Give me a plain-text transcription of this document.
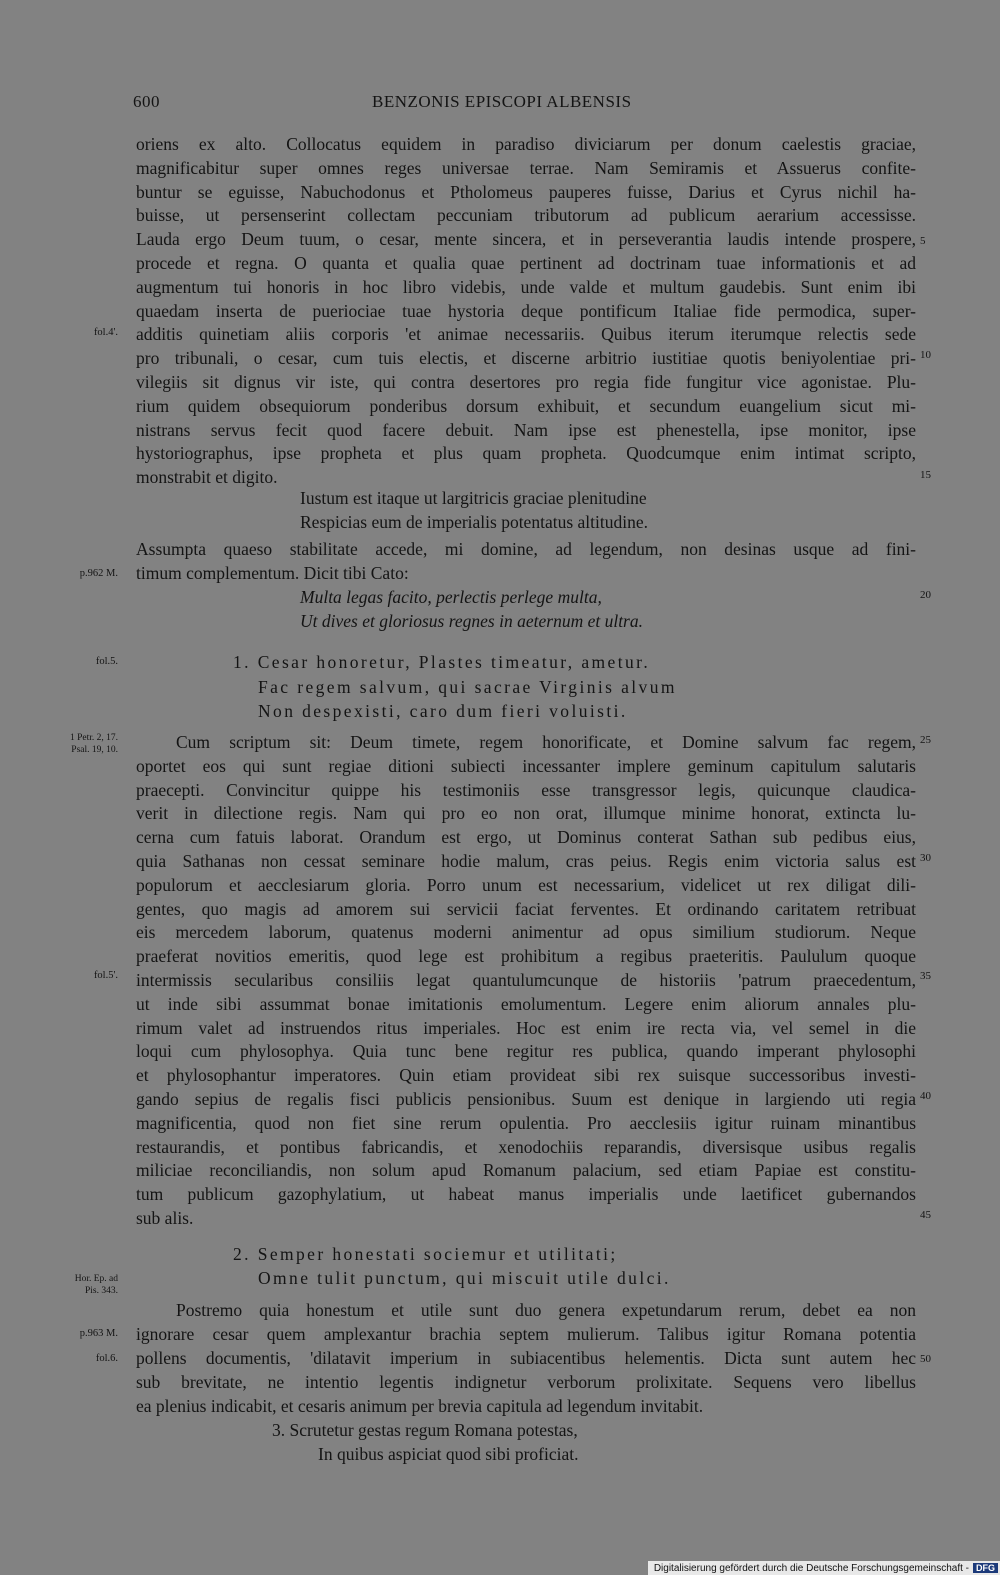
600	BENZONIS EPISCOPI ALBENSIS
oriens ex alto. Collocatus equidem in paradiso diviciarum per donum caelestis graciae,
magnificabitur super omnes reges universae terrae. Nam Semiramis et Assuerus confite-
buntur se eguisse, Nabuchodonus et Ptholomeus pauperes fuisse, Darius et Cyrus nichil ha-
buisse, ut persenserint collectam peccuniam tributorum ad publicum aerarium accessisse.
Lauda ergo Deum tuum, o cesar, mente sincera, et in perseverantia laudis intende prospere,
procede et regna. O quanta et qualia quae pertinent ad doctrinam tuae informationis et ad
augmentum tui honoris in hoc libro videbis, unde valde et multum gaudebis. Sunt enim ibi
quaedam inserta de pueriociae tuae hystoria deque pontificum Italiae fide permodica, super-
additis quinetiam aliis corporis 'et animae necessariis. Quibus iterum iterumque relectis sede
pro tribunali, o cesar, cum tuis electis, et discerne arbitrio iustitiae quotis beniyolentiae pri-
vilegiis sit dignus vir iste, qui contra desertores pro regia fide fungitur vice agonistae. Plu-
rium quidem obsequiorum ponderibus dorsum exhibuit, et secundum euangelium sicut mi-
nistrans servus fecit quod facere debuit. Nam ipse est phenestella, ipse monitor, ipse
hystoriographus, ipse propheta et plus quam propheta. Quodcumque enim intimat scripto,
monstrabit et digito.
Iustum est itaque ut largitricis graciae plenitudine
Respicias eum de imperialis potentatus altitudine.
Assumpta quaeso stabilitate accede, mi domine, ad legendum, non desinas usque ad fini-
timum complementum. Dicit tibi Cato:
Multa legas facito, perlectis perlege multa,
Ut dives et gloriosus regnes in aeternum et ultra.
1. Cesar honoretur, Plastes timeatur, ametur.
Fac regem salvum, qui sacrae Virginis alvum
Non despexisti, caro dum fieri voluisti.
Cum scriptum sit: Deum timete, regem honorificate, et Domine salvum fac regem,
oportet eos qui sunt regiae ditioni subiecti incessanter implere geminum capitulum salutaris
praecepti. Convincitur quippe his testimoniis esse transgressor legis, quicunque claudica-
verit in dilectione regis. Nam qui pro eo non orat, illumque minime honorat, extincta lu-
cerna cum fatuis laborat. Orandum est ergo, ut Dominus conterat Sathan sub pedibus eius,
quia Sathanas non cessat seminare hodie malum, cras peius. Regis enim victoria salus est
populorum et aecclesiarum gloria. Porro unum est necessarium, videlicet ut rex diligat dili-
gentes, quo magis ad amorem sui servicii faciat ferventes. Et ordinando caritatem retribuat
eis mercedem laborum, quatenus moderni animentur ad opus similium studiorum. Neque
praeferat novitios emeritis, quod lege est prohibitum a regibus praeteritis. Paululum quoque
intermissis secularibus consiliis legat quantulumcunque de historiis 'patrum praecedentum,
ut inde sibi assummat bonae imitationis emolumentum. Legere enim aliorum annales plu-
rimum valet ad instruendos ritus imperiales. Hoc est enim ire recta via, vel semel in die
loqui cum phylosophya. Quia tunc bene regitur res publica, quando imperant phylosophi
et phylosophantur imperatores. Quin etiam provideat sibi rex suisque successoribus investi-
gando sepius de regalis fisci publicis pensionibus. Suum est denique in largiendo uti regia
magnificentia, quod non fiet sine rerum opulentia. Pro aecclesiis igitur ruinam minantibus
restaurandis, et pontibus fabricandis, et xenodochiis reparandis, diversisque usibus regalis
miliciae reconciliandis, non solum apud Romanum palacium, sed etiam Papiae est constitu-
tum publicum gazophylatium, ut habeat manus imperialis unde laetificet gubernandos
sub alis.
2. Semper honestati sociemur et utilitati;
Omne tulit punctum, qui miscuit utile dulci.
Postremo quia honestum et utile sunt duo genera expetundarum rerum, debet ea non
ignorare cesar quem amplexantur brachia septem mulierum. Talibus igitur Romana potentia
pollens documentis, 'dilatavit imperium in subiacentibus helementis. Dicta sunt autem hec
sub brevitate, ne intentio legentis indignetur verborum prolixitate. Sequens vero libellus
ea plenius indicabit, et cesaris animum per brevia capitula ad legendum invitabit.
3. Scrutetur gestas regum Romana potestas,
In quibus aspiciat quod sibi proficiat.
fol.4'.
p.962 M.
fol.5.
1 Petr. 2, 17.
Psal. 19, 10.
fol.5'.
Hor. Ep. ad
Pis. 343.
p.963 M.
fol.6.
5
10
15
20
25
30
35
40
45
50
Digitalisierung gefördert durch die Deutsche Forschungsgemeinschaft - DFG
